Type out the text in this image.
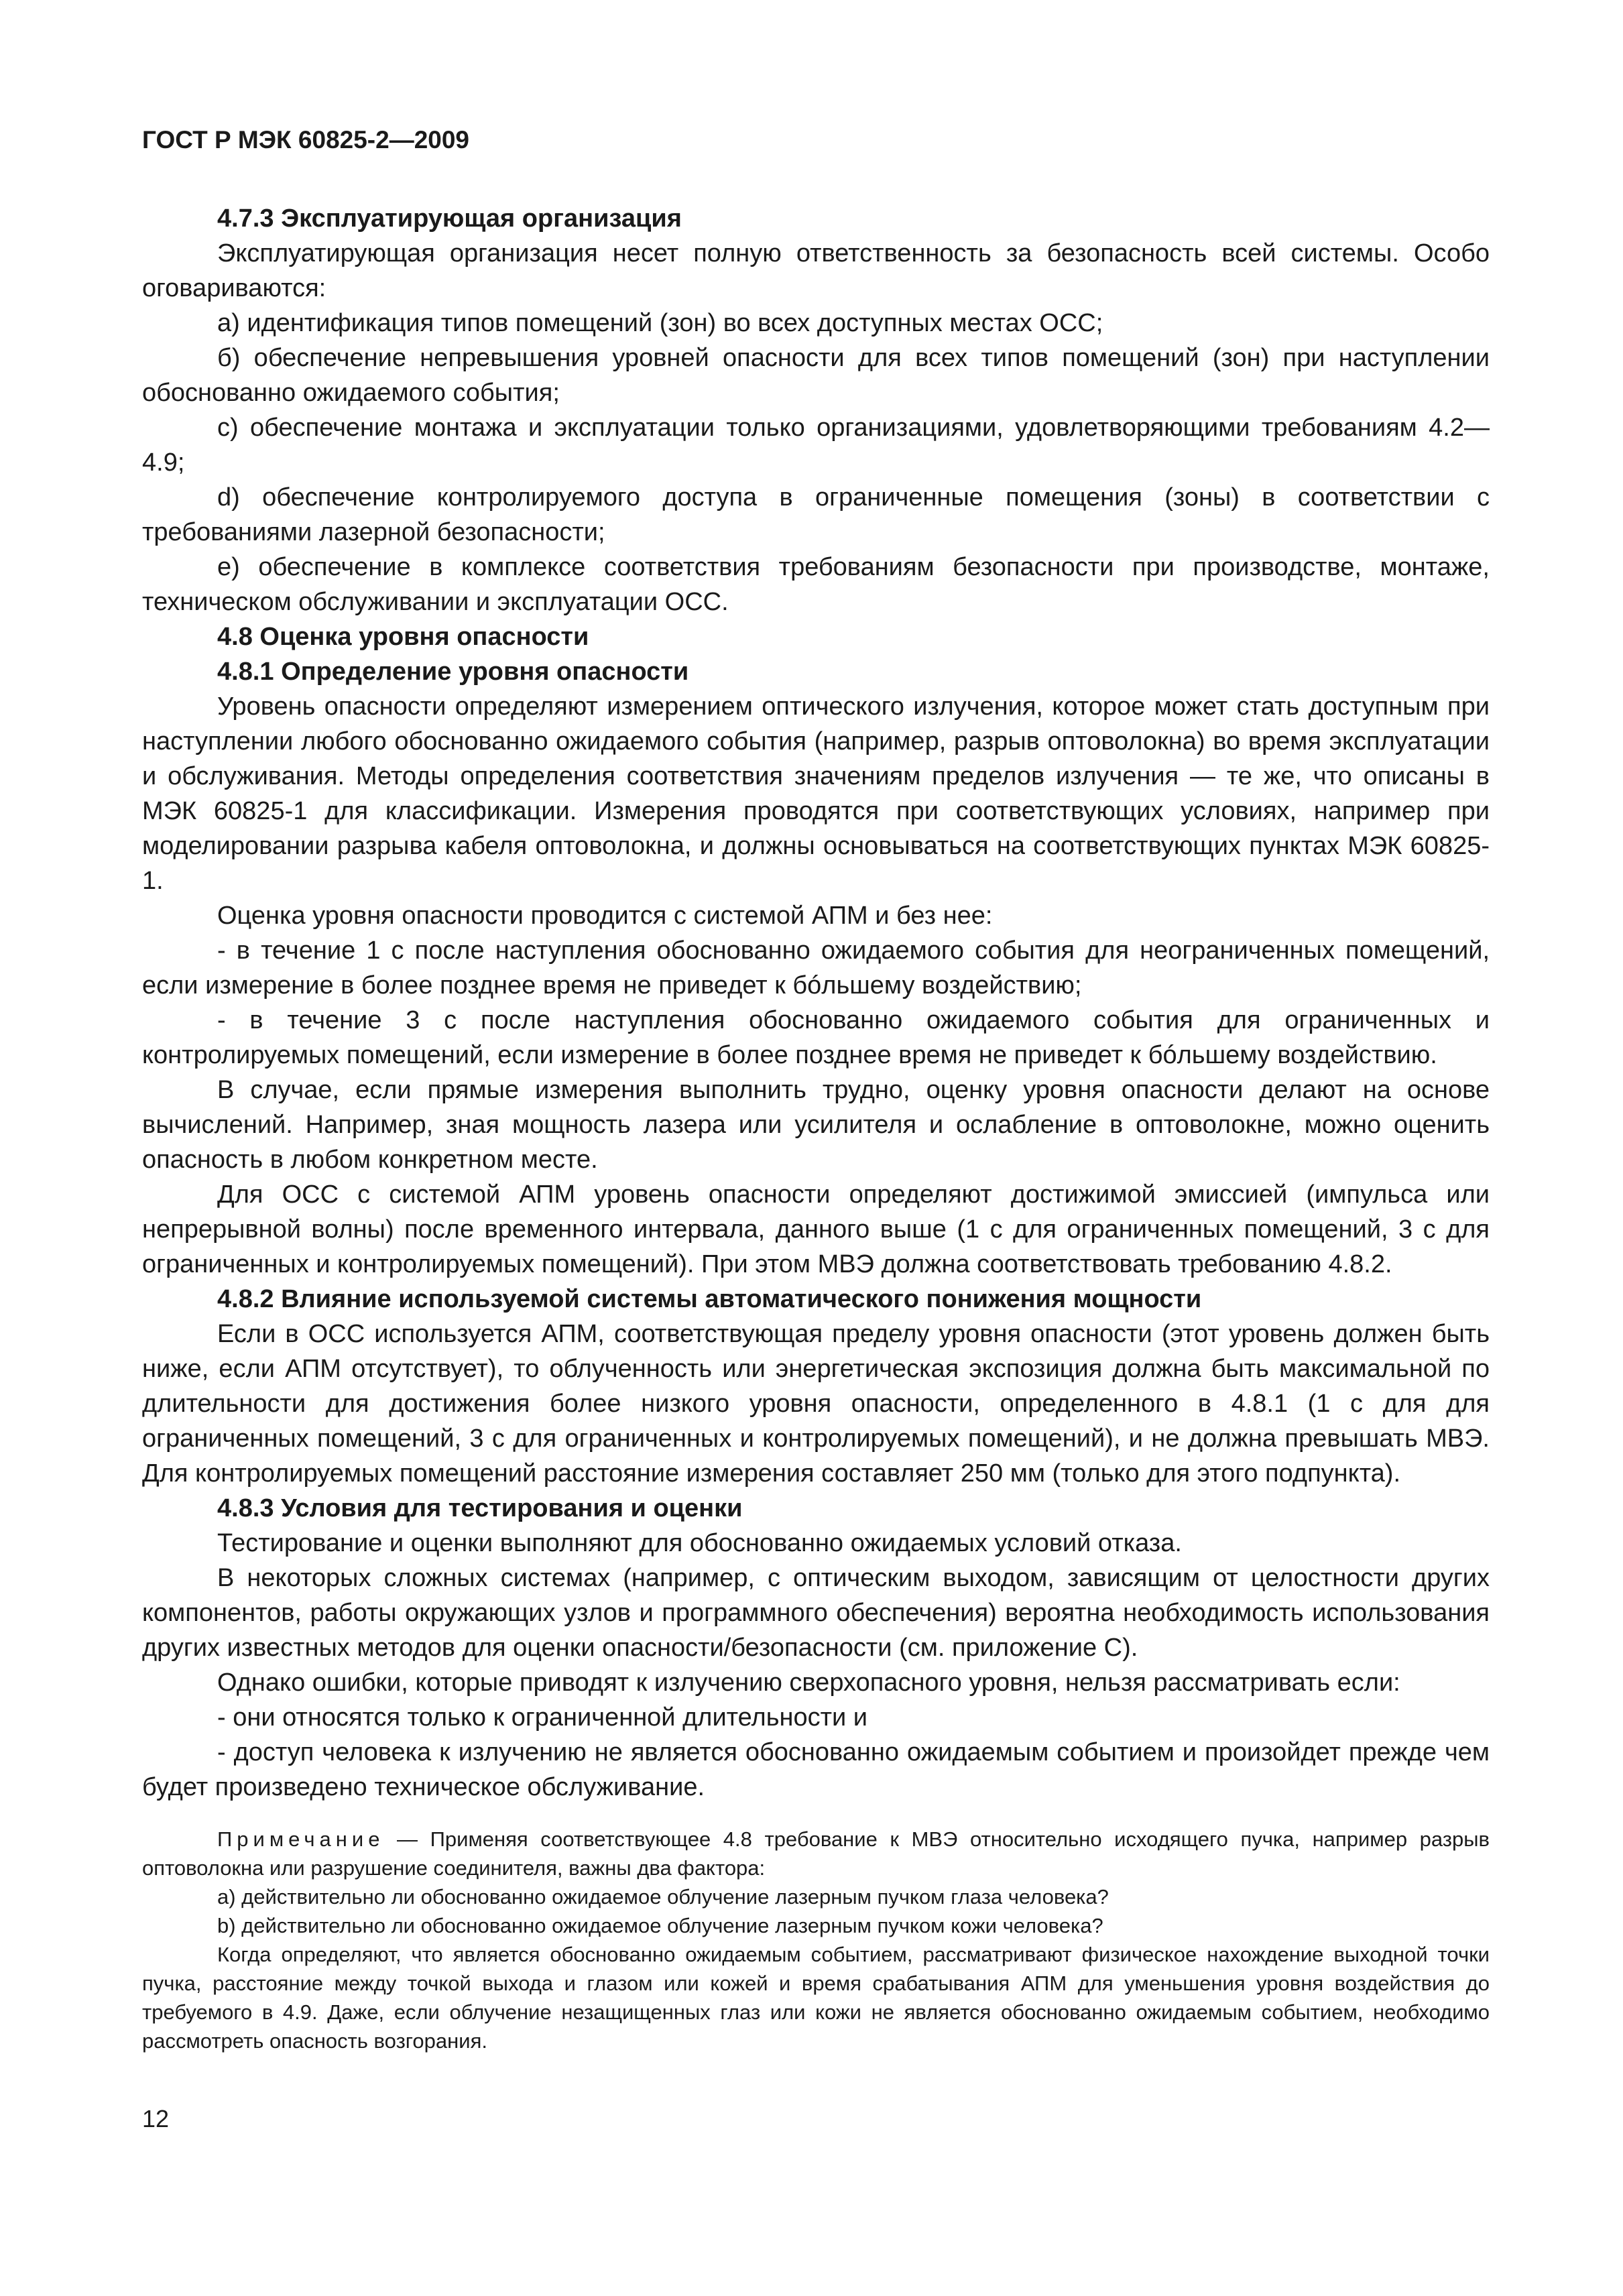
ГОСТ Р МЭК 60825-2—2009

4.7.3 Эксплуатирующая организация

Эксплуатирующая организация несет полную ответственность за безопасность всей системы. Особо оговариваются:

a) идентификация типов помещений (зон) во всех доступных местах ОСС;

б) обеспечение непревышения уровней опасности для всех типов помещений (зон) при наступлении обоснованно ожидаемого события;

c) обеспечение монтажа и эксплуатации только организациями, удовлетворяющими требованиям 4.2—4.9;

d) обеспечение контролируемого доступа в ограниченные помещения (зоны) в соответствии с требованиями лазерной безопасности;

e) обеспечение в комплексе соответствия требованиям безопасности при производстве, монтаже, техническом обслуживании и эксплуатации ОСС.

4.8 Оценка уровня опасности

4.8.1 Определение уровня опасности

Уровень опасности определяют измерением оптического излучения, которое может стать доступным при наступлении любого обоснованно ожидаемого события (например, разрыв оптоволокна) во время эксплуатации и обслуживания. Методы определения соответствия значениям пределов излучения — те же, что описаны в МЭК 60825-1 для классификации. Измерения проводятся при соответствующих условиях, например при моделировании разрыва кабеля оптоволокна, и должны основываться на соответствующих пунктах МЭК 60825-1.

Оценка уровня опасности проводится с системой АПМ и без нее:

- в течение 1 с после наступления обоснованно ожидаемого события для неограниченных помещений, если измерение в более позднее время не приведет к бóльшему воздействию;

- в течение 3 с после наступления обоснованно ожидаемого события для ограниченных и контролируемых помещений, если измерение в более позднее время не приведет к бóльшему воздействию.

В случае, если прямые измерения выполнить трудно, оценку уровня опасности делают на основе вычислений. Например, зная мощность лазера или усилителя и ослабление в оптоволокне, можно оценить опасность в любом конкретном месте.

Для ОСС с системой АПМ уровень опасности определяют достижимой эмиссией (импульса или непрерывной волны) после временного интервала, данного выше (1 с для ограниченных помещений, 3 с для ограниченных и контролируемых помещений). При этом МВЭ должна соответствовать требованию 4.8.2.

4.8.2 Влияние используемой системы автоматического понижения мощности

Если в ОСС используется АПМ, соответствующая пределу уровня опасности (этот уровень должен быть ниже, если АПМ отсутствует), то облученность или энергетическая экспозиция должна быть максимальной по длительности для достижения более низкого уровня опасности, определенного в 4.8.1 (1 с для для ограниченных помещений, 3 с для ограниченных и контролируемых помещений), и не должна превышать МВЭ. Для контролируемых помещений расстояние измерения составляет 250 мм (только для этого подпункта).

4.8.3 Условия для тестирования и оценки

Тестирование и оценки выполняют для обоснованно ожидаемых условий отказа.

В некоторых сложных системах (например, с оптическим выходом, зависящим от целостности других компонентов, работы окружающих узлов и программного обеспечения) вероятна необходимость использования других известных методов для оценки опасности/безопасности (см. приложение С).

Однако ошибки, которые приводят к излучению сверхопасного уровня, нельзя рассматривать если:

- они относятся только к ограниченной длительности и

- доступ человека к излучению не является обоснованно ожидаемым событием и произойдет прежде чем будет произведено техническое обслуживание.

Примечание — Применяя соответствующее 4.8 требование к МВЭ относительно исходящего пучка, например разрыв оптоволокна или разрушение соединителя, важны два фактора:

а) действительно ли обоснованно ожидаемое облучение лазерным пучком глаза человека?

b) действительно ли обоснованно ожидаемое облучение лазерным пучком кожи человека?

Когда определяют, что является обоснованно ожидаемым событием, рассматривают физическое нахождение выходной точки пучка, расстояние между точкой выхода и глазом или кожей и время срабатывания АПМ для уменьшения уровня воздействия до требуемого в 4.9. Даже, если облучение незащищенных глаз или кожи не является обоснованно ожидаемым событием, необходимо рассмотреть опасность возгорания.

12
